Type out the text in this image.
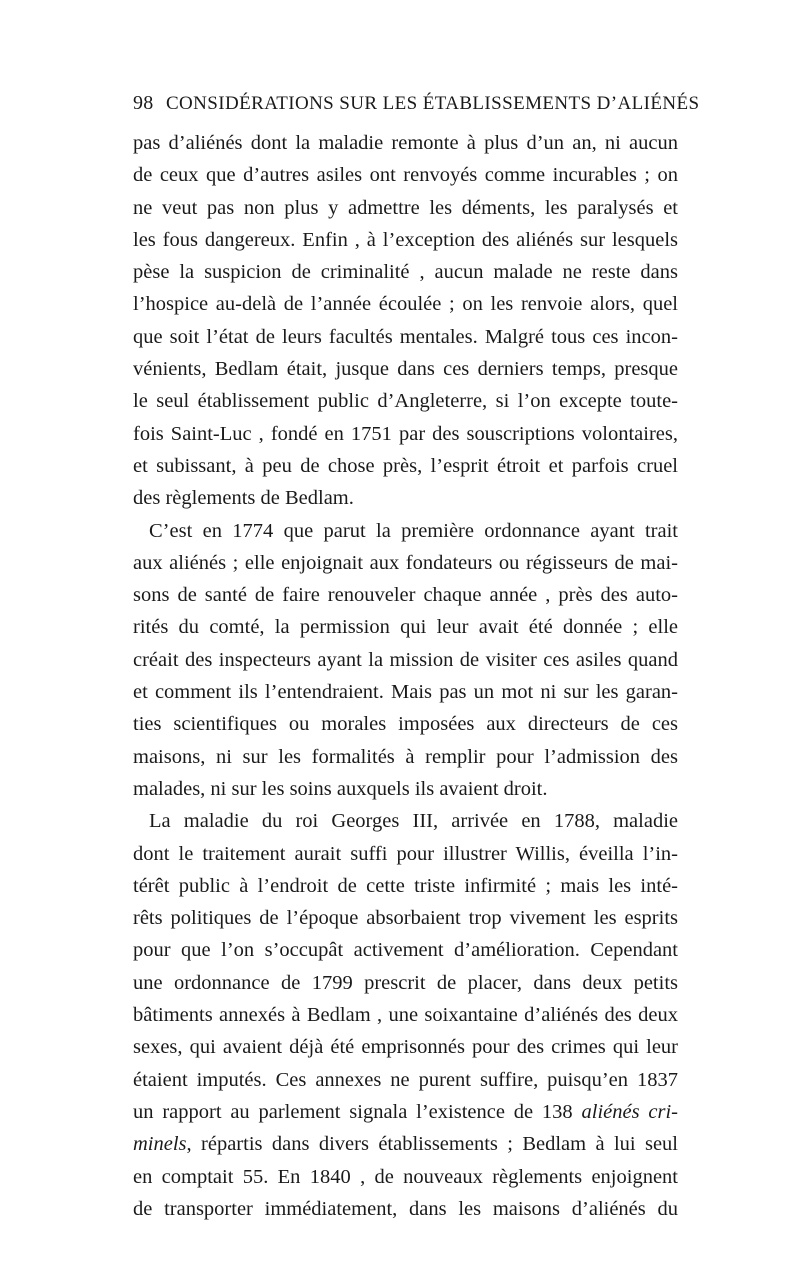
98 CONSIDÉRATIONS SUR LES ÉTABLISSEMENTS D’ALIÉNÉS
pas d’aliénés dont la maladie remonte à plus d’un an, ni aucun
de ceux que d’autres asiles ont renvoyés comme incurables ; on
ne veut pas non plus y admettre les déments, les paralysés et
les fous dangereux. Enfin , à l’exception des aliénés sur lesquels
pèse la suspicion de criminalité , aucun malade ne reste dans
l’hospice au-delà de l’année écoulée ; on les renvoie alors, quel
que soit l’état de leurs facultés mentales. Malgré tous ces incon-
vénients, Bedlam était, jusque dans ces derniers temps, presque
le seul établissement public d’Angleterre, si l’on excepte toute-
fois Saint-Luc , fondé en 1751 par des souscriptions volontaires,
et subissant, à peu de chose près, l’esprit étroit et parfois cruel
des règlements de Bedlam.
C’est en 1774 que parut la première ordonnance ayant trait
aux aliénés ; elle enjoignait aux fondateurs ou régisseurs de mai-
sons de santé de faire renouveler chaque année , près des auto-
rités du comté, la permission qui leur avait été donnée ; elle
créait des inspecteurs ayant la mission de visiter ces asiles quand
et comment ils l’entendraient. Mais pas un mot ni sur les garan-
ties scientifiques ou morales imposées aux directeurs de ces
maisons, ni sur les formalités à remplir pour l’admission des
malades, ni sur les soins auxquels ils avaient droit.
La maladie du roi Georges III, arrivée en 1788, maladie
dont le traitement aurait suffi pour illustrer Willis, éveilla l’in-
térêt public à l’endroit de cette triste infirmité ; mais les inté-
rêts politiques de l’époque absorbaient trop vivement les esprits
pour que l’on s’occupât activement d’amélioration. Cependant
une ordonnance de 1799 prescrit de placer, dans deux petits
bâtiments annexés à Bedlam , une soixantaine d’aliénés des deux
sexes, qui avaient déjà été emprisonnés pour des crimes qui leur
étaient imputés. Ces annexes ne purent suffire, puisqu’en 1837
un rapport au parlement signala l’existence de 138 aliénés cri-
minels, répartis dans divers établissements ; Bedlam à lui seul
en comptait 55. En 1840 , de nouveaux règlements enjoignent
de transporter immédiatement, dans les maisons d’aliénés du
